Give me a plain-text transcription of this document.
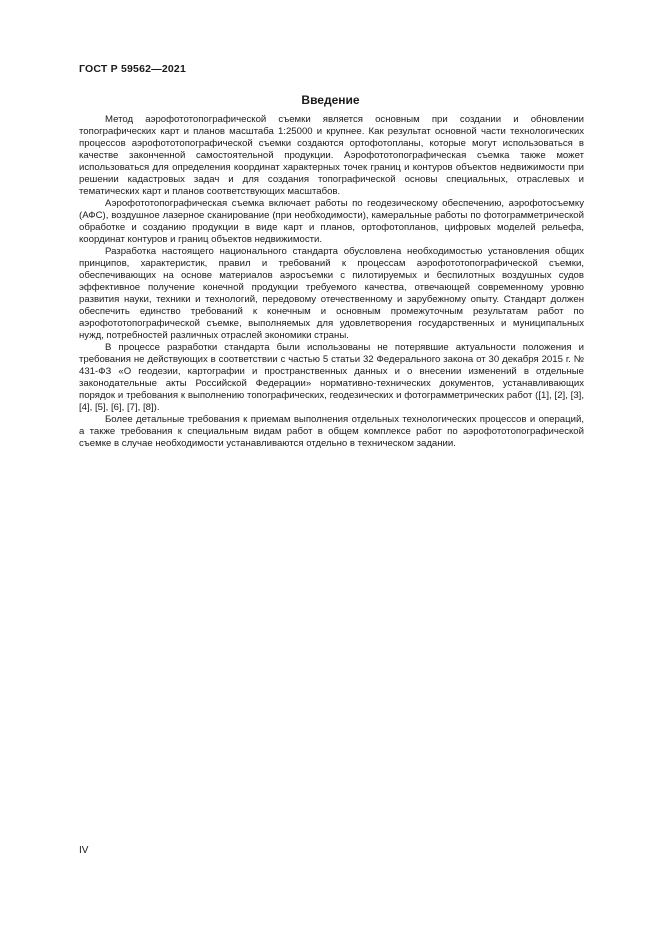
ГОСТ Р 59562—2021
Введение

Метод аэрофототопографической съемки является основным при создании и обновлении топографических карт и планов масштаба 1:25000 и крупнее. Как результат основной части технологических процессов аэрофототопографической съемки создаются ортофотопланы, которые могут использоваться в качестве законченной самостоятельной продукции. Аэрофототопографическая съемка также может использоваться для определения координат характерных точек границ и контуров объектов недвижимости при решении кадастровых задач и для создания топографической основы специальных, отраслевых и тематических карт и планов соответствующих масштабов.

Аэрофототопографическая съемка включает работы по геодезическому обеспечению, аэрофотосъемку (АФС), воздушное лазерное сканирование (при необходимости), камеральные работы по фотограмметрической обработке и созданию продукции в виде карт и планов, ортофотопланов, цифровых моделей рельефа, координат контуров и границ объектов недвижимости.

Разработка настоящего национального стандарта обусловлена необходимостью установления общих принципов, характеристик, правил и требований к процессам аэрофототопографической съемки, обеспечивающих на основе материалов аэросъемки с пилотируемых и беспилотных воздушных судов эффективное получение конечной продукции требуемого качества, отвечающей современному уровню развития науки, техники и технологий, передовому отечественному и зарубежному опыту. Стандарт должен обеспечить единство требований к конечным и основным промежуточным результатам работ по аэрофототопографической съемке, выполняемых для удовлетворения государственных и муниципальных нужд, потребностей различных отраслей экономики страны.

В процессе разработки стандарта были использованы не потерявшие актуальности положения и требования не действующих в соответствии с частью 5 статьи 32 Федерального закона от 30 декабря 2015 г. № 431-ФЗ «О геодезии, картографии и пространственных данных и о внесении изменений в отдельные законодательные акты Российской Федерации» нормативно-технических документов, устанавливающих порядок и требования к выполнению топографических, геодезических и фотограмметрических работ ([1], [2], [3], [4], [5], [6], [7], [8]).

Более детальные требования к приемам выполнения отдельных технологических процессов и операций, а также требования к специальным видам работ в общем комплексе работ по аэрофототопографической съемке в случае необходимости устанавливаются отдельно в техническом задании.

IV
